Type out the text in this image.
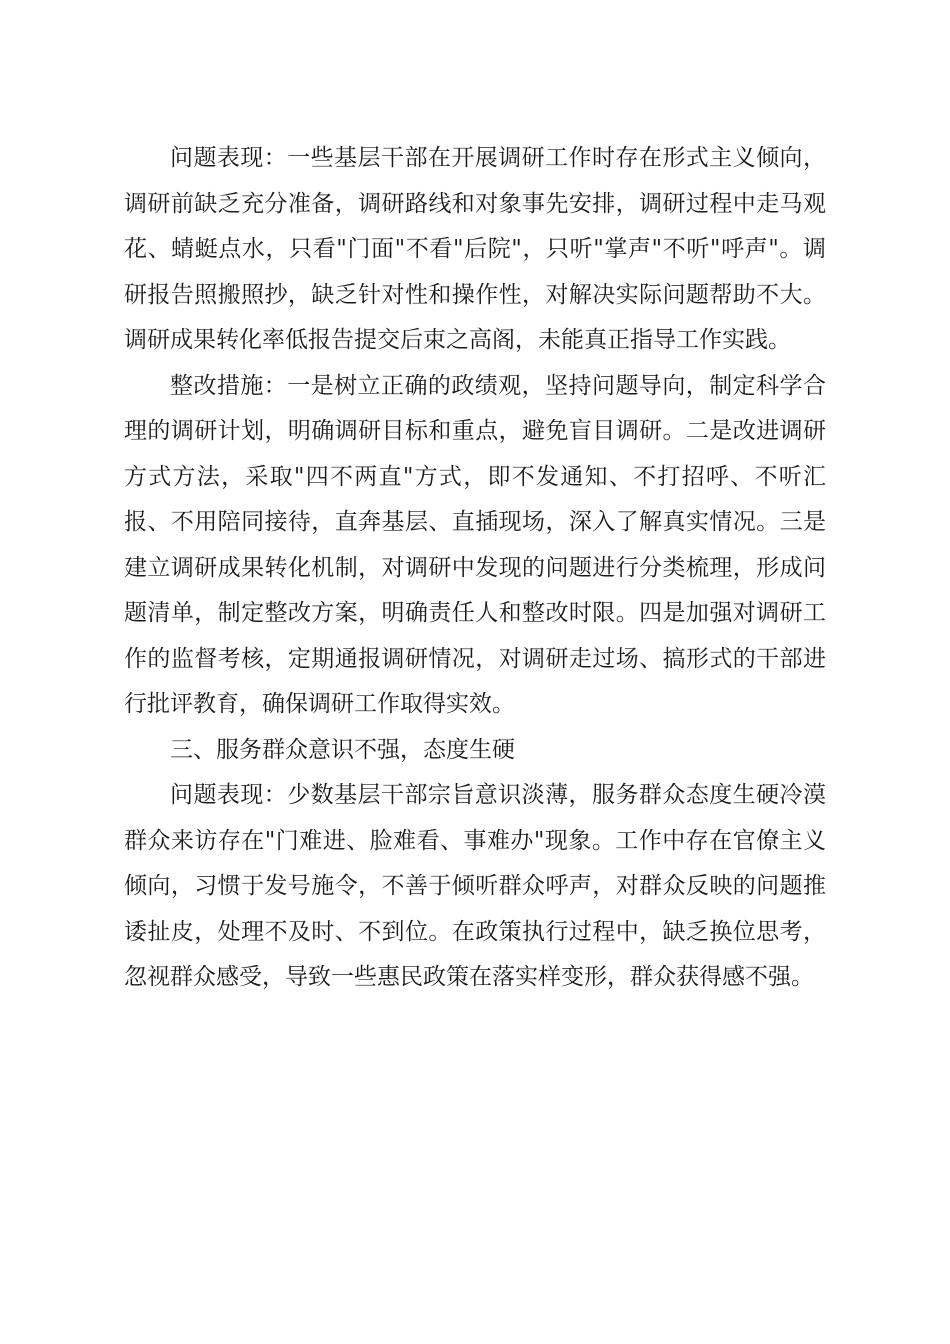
问题表现：一些基层干部在开展调研工作时存在形式主义倾向，调研前缺乏充分准备，调研路线和对象事先安排，调研过程中走马观花、蜻蜓点水，只看"门面"不看"后院"，只听"掌声"不听"呼声"。调研报告照搬照抄，缺乏针对性和操作性，对解决实际问题帮助不大。调研成果转化率低报告提交后束之高阁，未能真正指导工作实践。

整改措施：一是树立正确的政绩观，坚持问题导向，制定科学合理的调研计划，明确调研目标和重点，避免盲目调研。二是改进调研方式方法，采取"四不两直"方式，即不发通知、不打招呼、不听汇报、不用陪同接待，直奔基层、直插现场，深入了解真实情况。三是建立调研成果转化机制，对调研中发现的问题进行分类梳理，形成问题清单，制定整改方案，明确责任人和整改时限。四是加强对调研工作的监督考核，定期通报调研情况，对调研走过场、搞形式的干部进行批评教育，确保调研工作取得实效。

三、服务群众意识不强，态度生硬

问题表现：少数基层干部宗旨意识淡薄，服务群众态度生硬冷漠群众来访存在"门难进、脸难看、事难办"现象。工作中存在官僚主义倾向，习惯于发号施令，不善于倾听群众呼声，对群众反映的问题推诿扯皮，处理不及时、不到位。在政策执行过程中，缺乏换位思考，忽视群众感受，导致一些惠民政策在落实样变形，群众获得感不强。
